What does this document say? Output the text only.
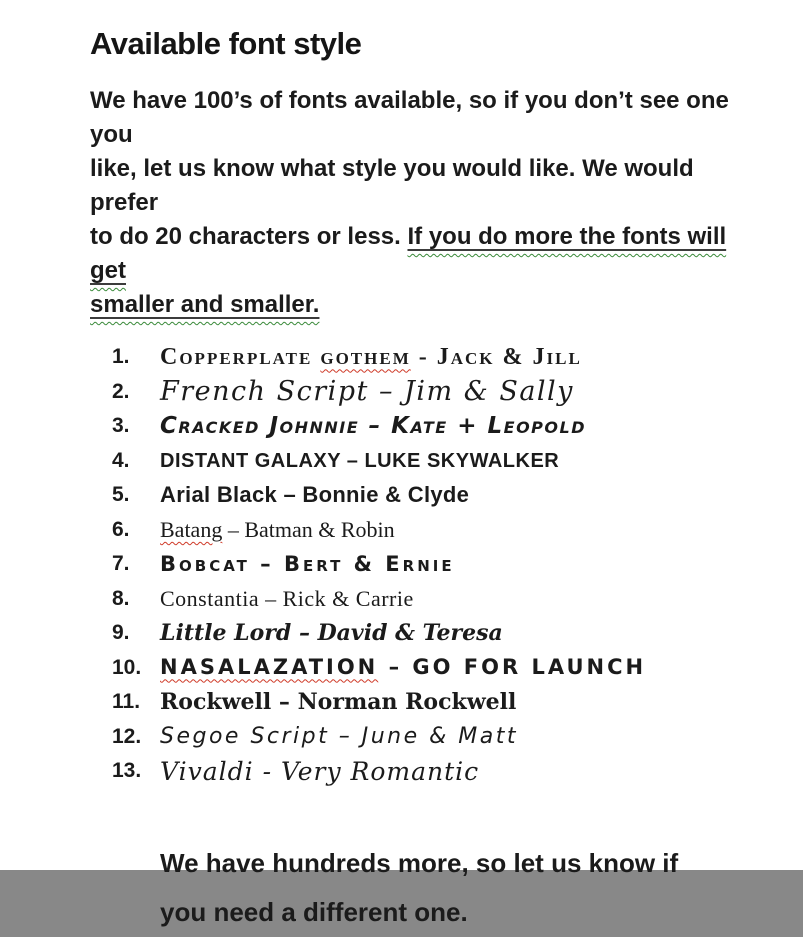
Available font style
We have 100’s of fonts available, so if you don’t see one you
like, let us know what style you would like. We would prefer
to do 20 characters or less. If you do more the fonts will get
smaller and smaller.
1.	Copperplate gothem - Jack & Jill
2.	French Script – Jim & Sally
3.	Cracked Johnnie – Kate + Leopold
4.	DISTANT GALAXY – LUKE SKYWALKER
5.	Arial Black – Bonnie & Clyde
6.	Batang – Batman & Robin
7.	Bobcat – Bert & Ernie
8.	Constantia – Rick & Carrie
9.	Little Lord – David & Teresa
10. NASALAZATION – GO FOR LAUNCH
11. Rockwell – Norman Rockwell
12. Segoe Script – June & Matt
13. Vivaldi - Very Romantic
We have hundreds more, so let us know if
you need a different one.
